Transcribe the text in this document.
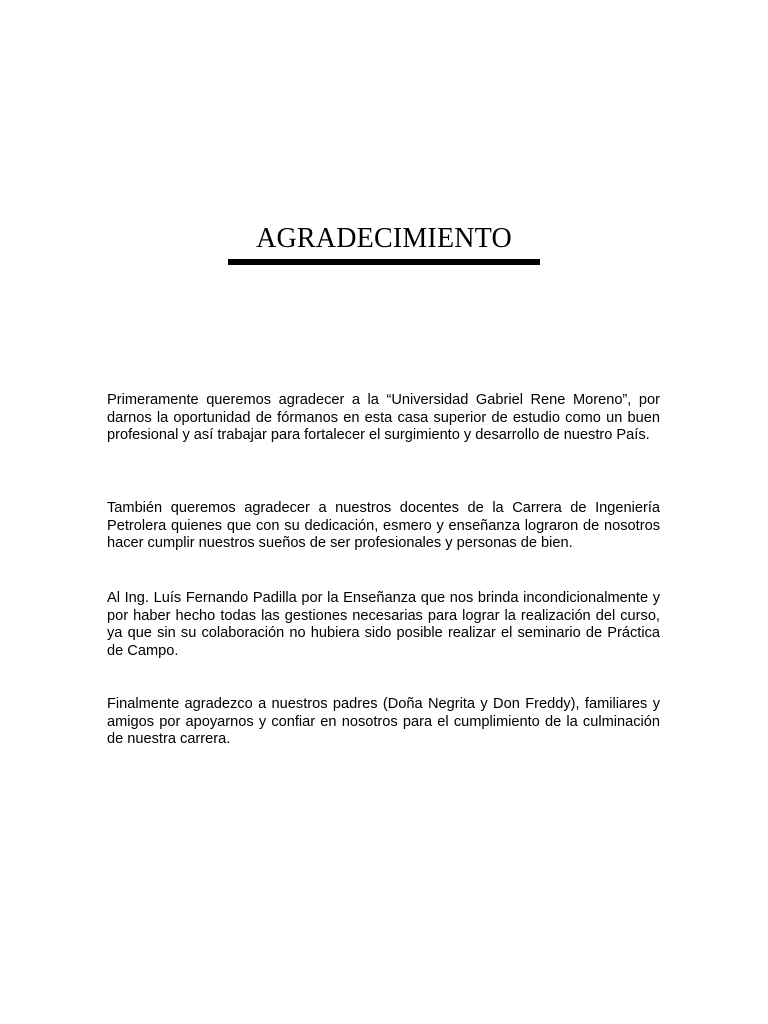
AGRADECIMIENTO

Primeramente queremos agradecer a la “Universidad Gabriel Rene Moreno”, por darnos la oportunidad de fórmanos en esta casa superior de estudio como un buen profesional y así trabajar para fortalecer el surgimiento y desarrollo de nuestro País.

También queremos agradecer a nuestros docentes de la Carrera de Ingeniería Petrolera quienes que con su dedicación, esmero y enseñanza lograron de nosotros hacer cumplir nuestros sueños de ser profesionales y personas de bien.

Al Ing. Luís Fernando Padilla por la Enseñanza que nos brinda incondicionalmente y por haber hecho todas las gestiones necesarias para lograr la realización del curso, ya que sin su colaboración no hubiera sido posible realizar el seminario de Práctica de Campo.

Finalmente agradezco a nuestros padres (Doña Negrita y Don Freddy), familiares y amigos por apoyarnos y confiar en nosotros para el cumplimiento de la culminación de nuestra carrera.
